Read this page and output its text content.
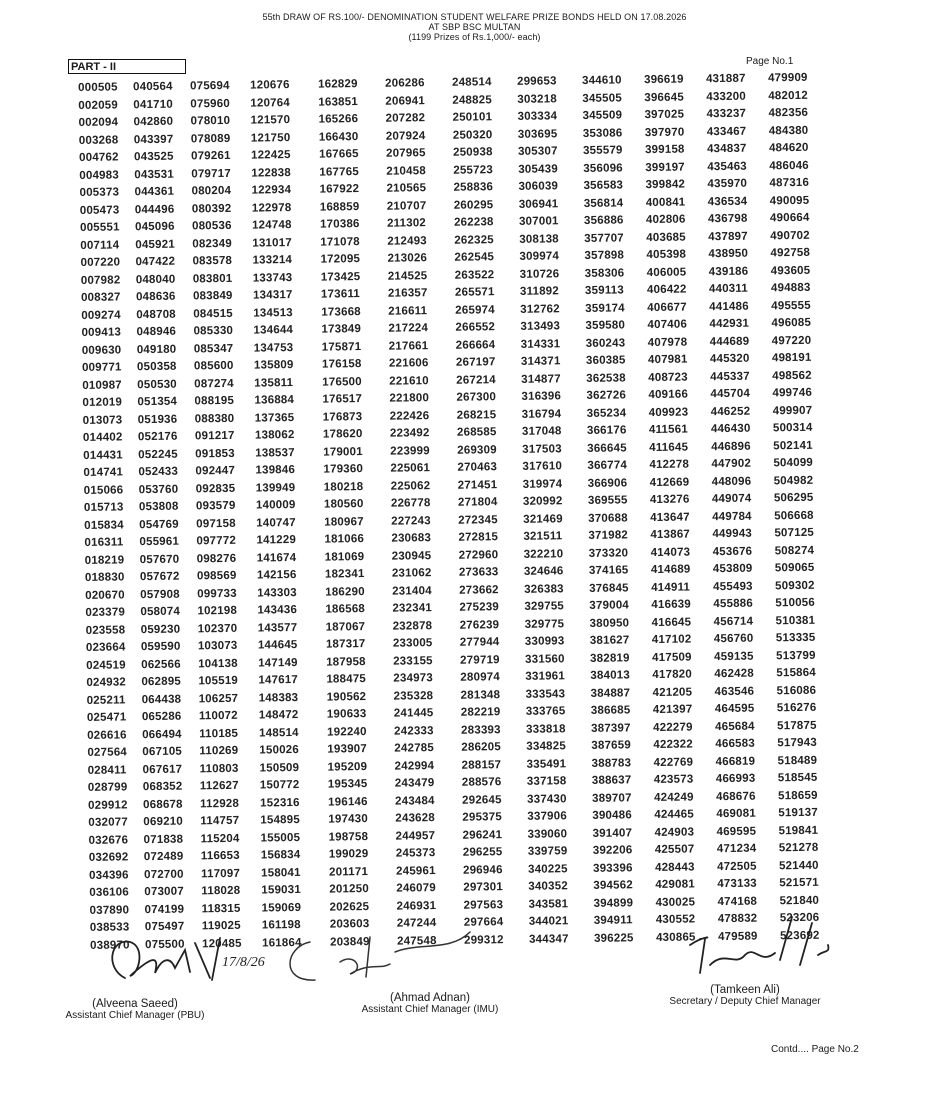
55th DRAW OF RS.100/- DENOMINATION STUDENT WELFARE PRIZE BONDS HELD ON 17.08.2026
AT SBP BSC MULTAN
(1199 Prizes of Rs.1,000/- each)
PART - II	Page No.1
000505
002059
002094
003268
004762
004983
005373
005473
005551
007114
007220
007982
008327
009274
009413
009630
009771
010987
012019
013073
014402
014431
014741
015066
015713
015834
016311
018219
018830
020670
023379
023558
023664
024519
024932
025211
025471
026616
027564
028411
028799
029912
032077
032676
032692
034396
036106
037890
038533
038970
040564
041710
042860
043397
043525
043531
044361
044496
045096
045921
047422
048040
048636
048708
048946
049180
050358
050530
051354
051936
052176
052245
052433
053760
053808
054769
055961
057670
057672
057908
058074
059230
059590
062566
062895
064438
065286
066494
067105
067617
068352
068678
069210
071838
072489
072700
073007
074199
075497
075500
075694
075960
078010
078089
079261
079717
080204
080392
080536
082349
083578
083801
083849
084515
085330
085347
085600
087274
088195
088380
091217
091853
092447
092835
093579
097158
097772
098276
098569
099733
102198
102370
103073
104138
105519
106257
110072
110185
110269
110803
112627
112928
114757
115204
116653
117097
118028
118315
119025
120485
120676
120764
121570
121750
122425
122838
122934
122978
124748
131017
133214
133743
134317
134513
134644
134753
135809
135811
136884
137365
138062
138537
139846
139949
140009
140747
141229
141674
142156
143303
143436
143577
144645
147149
147617
148383
148472
148514
150026
150509
150772
152316
154895
155005
156834
158041
159031
159069
161198
161864
162829
163851
165266
166430
167665
167765
167922
168859
170386
171078
172095
173425
173611
173668
173849
175871
176158
176500
176517
176873
178620
179001
179360
180218
180560
180967
181066
181069
182341
186290
186568
187067
187317
187958
188475
190562
190633
192240
193907
195209
195345
196146
197430
198758
199029
201171
201250
202625
203603
203849
206286
206941
207282
207924
207965
210458
210565
210707
211302
212493
213026
214525
216357
216611
217224
217661
221606
221610
221800
222426
223492
223999
225061
225062
226778
227243
230683
230945
231062
231404
232341
232878
233005
233155
234973
235328
241445
242333
242785
242994
243479
243484
243628
244957
245373
245961
246079
246931
247244
247548
248514
248825
250101
250320
250938
255723
258836
260295
262238
262325
262545
263522
265571
265974
266552
266664
267197
267214
267300
268215
268585
269309
270463
271451
271804
272345
272815
272960
273633
273662
275239
276239
277944
279719
280974
281348
282219
283393
286205
288157
288576
292645
295375
296241
296255
296946
297301
297563
297664
299312
299653
303218
303334
303695
305307
305439
306039
306941
307001
308138
309974
310726
311892
312762
313493
314331
314371
314877
316396
316794
317048
317503
317610
319974
320992
321469
321511
322210
324646
326383
329755
329775
330993
331560
331961
333543
333765
333818
334825
335491
337158
337430
337906
339060
339759
340225
340352
343581
344021
344347
344610
345505
345509
353086
355579
356096
356583
356814
356886
357707
357898
358306
359113
359174
359580
360243
360385
362538
362726
365234
366176
366645
366774
366906
369555
370688
371982
373320
374165
376845
379004
380950
381627
382819
384013
384887
386685
387397
387659
388783
388637
389707
390486
391407
392206
393396
394562
394899
394911
396225
396619
396645
397025
397970
399158
399197
399842
400841
402806
403685
405398
406005
406422
406677
407406
407978
407981
408723
409166
409923
411561
411645
412278
412669
413276
413647
413867
414073
414689
414911
416639
416645
417102
417509
417820
421205
421397
422279
422322
422769
423573
424249
424465
424903
425507
428443
429081
430025
430552
430865
431887
433200
433237
433467
434837
435463
435970
436534
436798
437897
438950
439186
440311
441486
442931
444689
445320
445337
445704
446252
446430
446896
447902
448096
449074
449784
449943
453676
453809
455493
455886
456714
456760
459135
462428
463546
464595
465684
466583
466819
466993
468676
469081
469595
471234
472505
473133
474168
478832
479589
479909
482012
482356
484380
484620
486046
487316
490095
490664
490702
492758
493605
494883
495555
496085
497220
498191
498562
499746
499907
500314
502141
504099
504982
506295
506668
507125
508274
509065
509302
510056
510381
513335
513799
515864
516086
516276
517875
517943
518489
518545
518659
519137
519841
521278
521440
521571
521840
523206
523692
17/8/26
(Alveena Saeed)
Assistant Chief Manager (PBU)
(Ahmad Adnan)
Assistant Chief Manager (IMU)
(Tamkeen Ali)
Secretary / Deputy Chief Manager
Contd.... Page No.2
